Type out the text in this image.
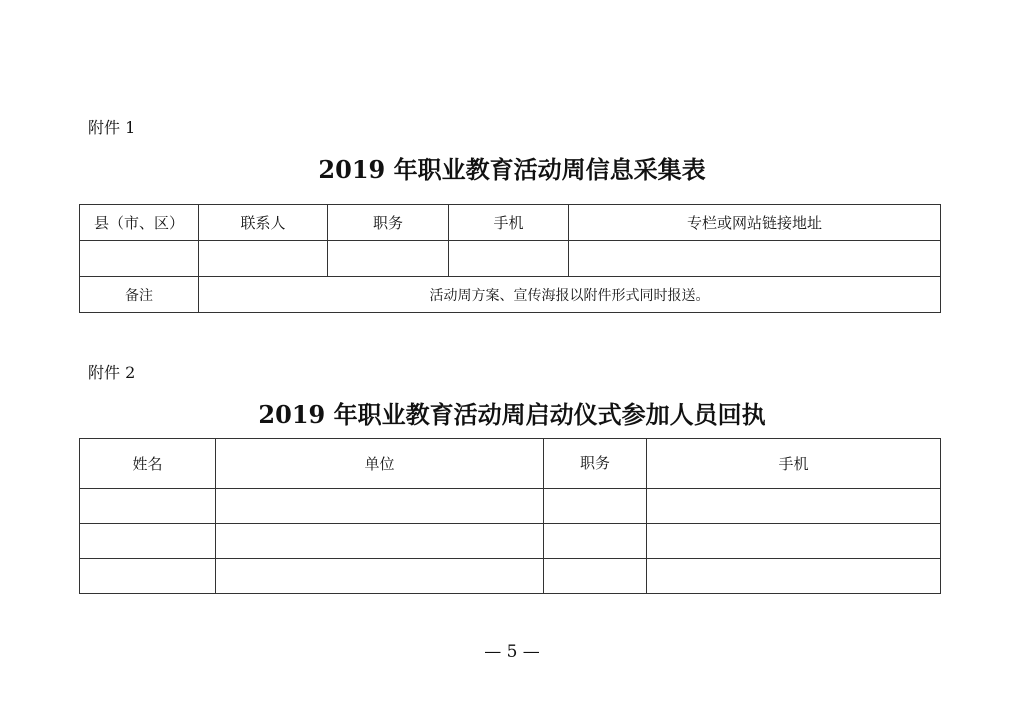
附件 1
2019 年职业教育活动周信息采集表
县（市、区）	联系人	职务	手机	专栏或网站链接地址

备注	活动周方案、宣传海报以附件形式同时报送。			
附件 2
2019 年职业教育活动周启动仪式参加人员回执
姓名	单位	职务	手机

— 5 —
